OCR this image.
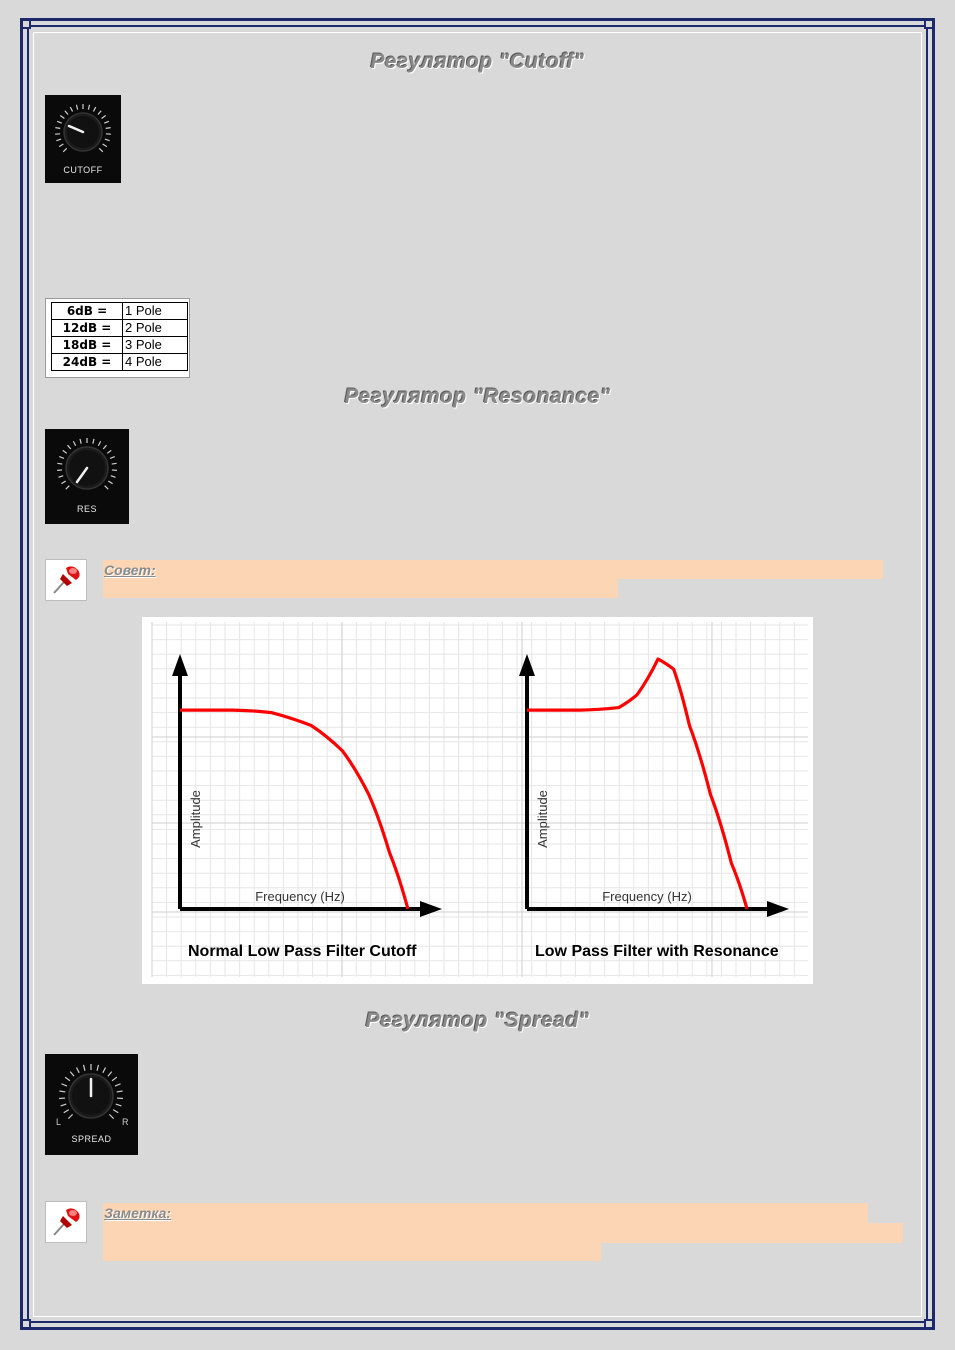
Регулятор "Cutoff"
CUTOFF
6dB =	1 Pole
12dB =	2 Pole
18dB =	3 Pole
24dB =	4 Pole
Регулятор "Resonance"
RES
Совет:
Frequency (Hz)
Amplitude
Normal Low Pass Filter Cutoff
Frequency (Hz)
Amplitude
Low Pass Filter with Resonance
Регулятор "Spread"
L	R
SPREAD
Заметка:
